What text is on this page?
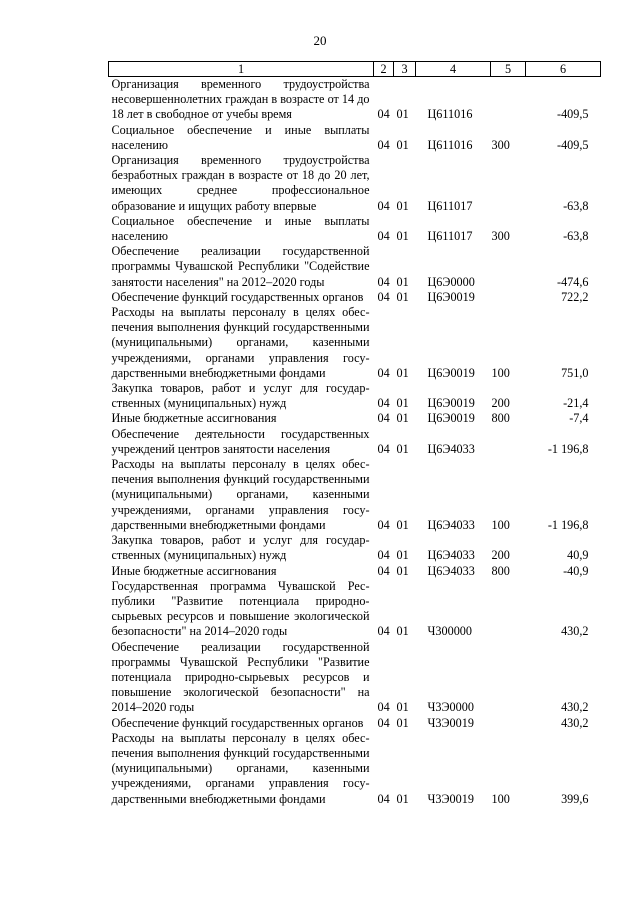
20
1	2	3	4	5	6
Организация временного трудоустройства несовершеннолетних граждан в возрасте от 14 до 18 лет в свободное от учебы время	04	01	Ц611016		-409,5
Социальное обеспечение и иные выплаты населению	04	01	Ц611016	300	-409,5
Организация временного трудоустройства безработных граждан в возрасте от 18 до 20 лет, имеющих среднее профессиональное образование и ищущих работу впервые	04	01	Ц611017		-63,8
Социальное обеспечение и иные выплаты населению	04	01	Ц611017	300	-63,8
Обеспечение реализации государственной программы Чувашской Республики "Содействие занятости населения" на 2012–2020 годы	04	01	Ц6Э0000		-474,6
Обеспечение функций государственных органов	04	01	Ц6Э0019		722,2
Расходы на выплаты персоналу в целях обеспечения выполнения функций государственными (муниципальными) органами, казенными учреждениями, органами управления государственными внебюджетными фондами	04	01	Ц6Э0019	100	751,0
Закупка товаров, работ и услуг для государственных (муниципальных) нужд	04	01	Ц6Э0019	200	-21,4
Иные бюджетные ассигнования	04	01	Ц6Э0019	800	-7,4
Обеспечение деятельности государственных учреждений центров занятости населения	04	01	Ц6Э4033		-1 196,8
Расходы на выплаты персоналу в целях обеспечения выполнения функций государственными (муниципальными) органами, казенными учреждениями, органами управления государственными внебюджетными фондами	04	01	Ц6Э4033	100	-1 196,8
Закупка товаров, работ и услуг для государственных (муниципальных) нужд	04	01	Ц6Э4033	200	40,9
Иные бюджетные ассигнования	04	01	Ц6Э4033	800	-40,9
Государственная программа Чувашской Республики "Развитие потенциала природно-сырьевых ресурсов и повышение экологической безопасности" на 2014–2020 годы	04	01	Ч300000		430,2
Обеспечение реализации государственной программы Чувашской Республики "Развитие потенциала природно-сырьевых ресурсов и повышение экологической безопасности" на 2014–2020 годы	04	01	Ч3Э0000		430,2
Обеспечение функций государственных органов	04	01	Ч3Э0019		430,2
Расходы на выплаты персоналу в целях обеспечения выполнения функций государственными (муниципальными) органами, казенными учреждениями, органами управления государственными внебюджетными фондами	04	01	Ч3Э0019	100	399,6
